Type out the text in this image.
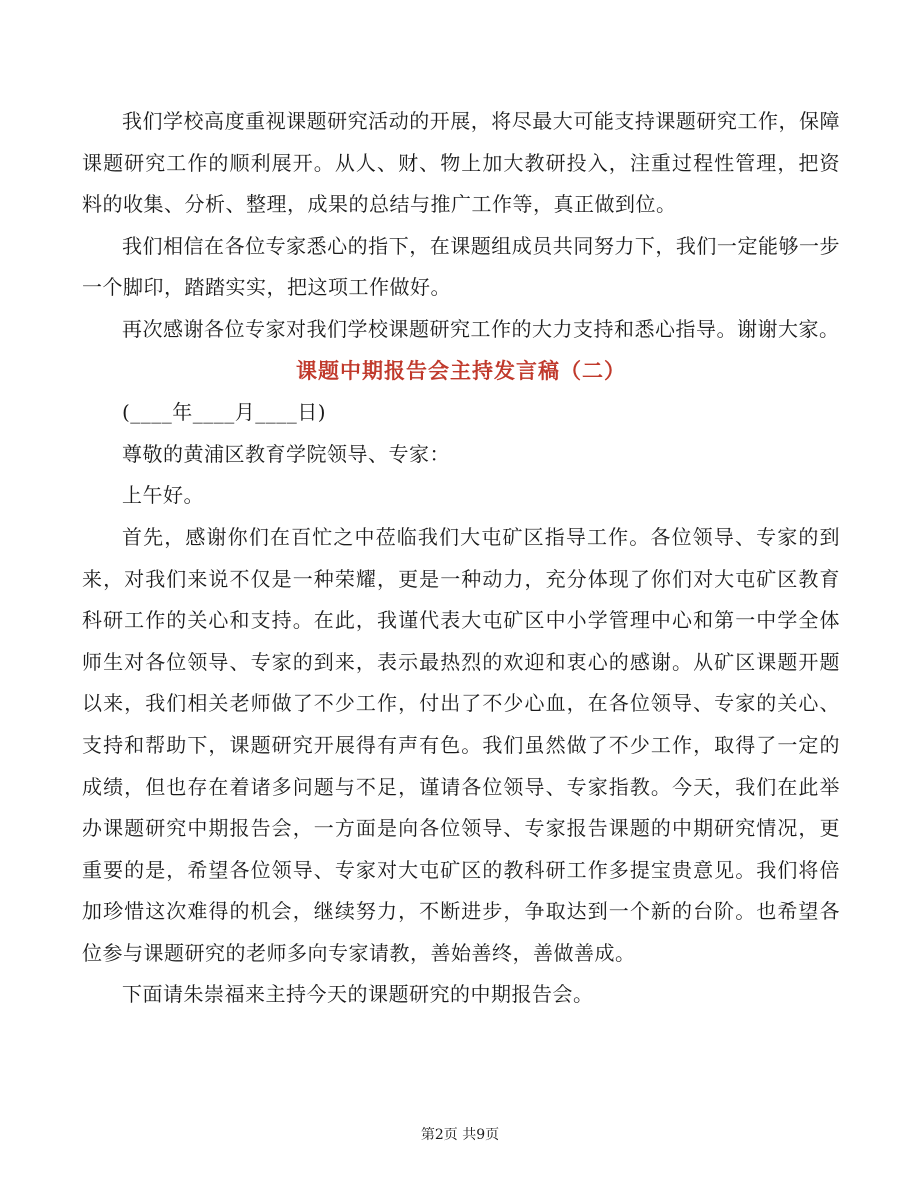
我们学校高度重视课题研究活动的开展，将尽最大可能支持课题研究工作，保障课题研究工作的顺利展开。从人、财、物上加大教研投入，注重过程性管理，把资料的收集、分析、整理，成果的总结与推广工作等，真正做到位。

我们相信在各位专家悉心的指下，在课题组成员共同努力下，我们一定能够一步一个脚印，踏踏实实，把这项工作做好。

再次感谢各位专家对我们学校课题研究工作的大力支持和悉心指导。谢谢大家。

课题中期报告会主持发言稿（二）

(____年____月____日)

尊敬的黄浦区教育学院领导、专家：

上午好。

首先，感谢你们在百忙之中莅临我们大屯矿区指导工作。各位领导、专家的到来，对我们来说不仅是一种荣耀，更是一种动力，充分体现了你们对大屯矿区教育科研工作的关心和支持。在此，我谨代表大屯矿区中小学管理中心和第一中学全体师生对各位领导、专家的到来，表示最热烈的欢迎和衷心的感谢。从矿区课题开题以来，我们相关老师做了不少工作，付出了不少心血，在各位领导、专家的关心、支持和帮助下，课题研究开展得有声有色。我们虽然做了不少工作，取得了一定的成绩，但也存在着诸多问题与不足，谨请各位领导、专家指教。今天，我们在此举办课题研究中期报告会，一方面是向各位领导、专家报告课题的中期研究情况，更重要的是，希望各位领导、专家对大屯矿区的教科研工作多提宝贵意见。我们将倍加珍惜这次难得的机会，继续努力，不断进步，争取达到一个新的台阶。也希望各位参与课题研究的老师多向专家请教，善始善终，善做善成。

下面请朱崇福来主持今天的课题研究的中期报告会。

第2页 共9页
